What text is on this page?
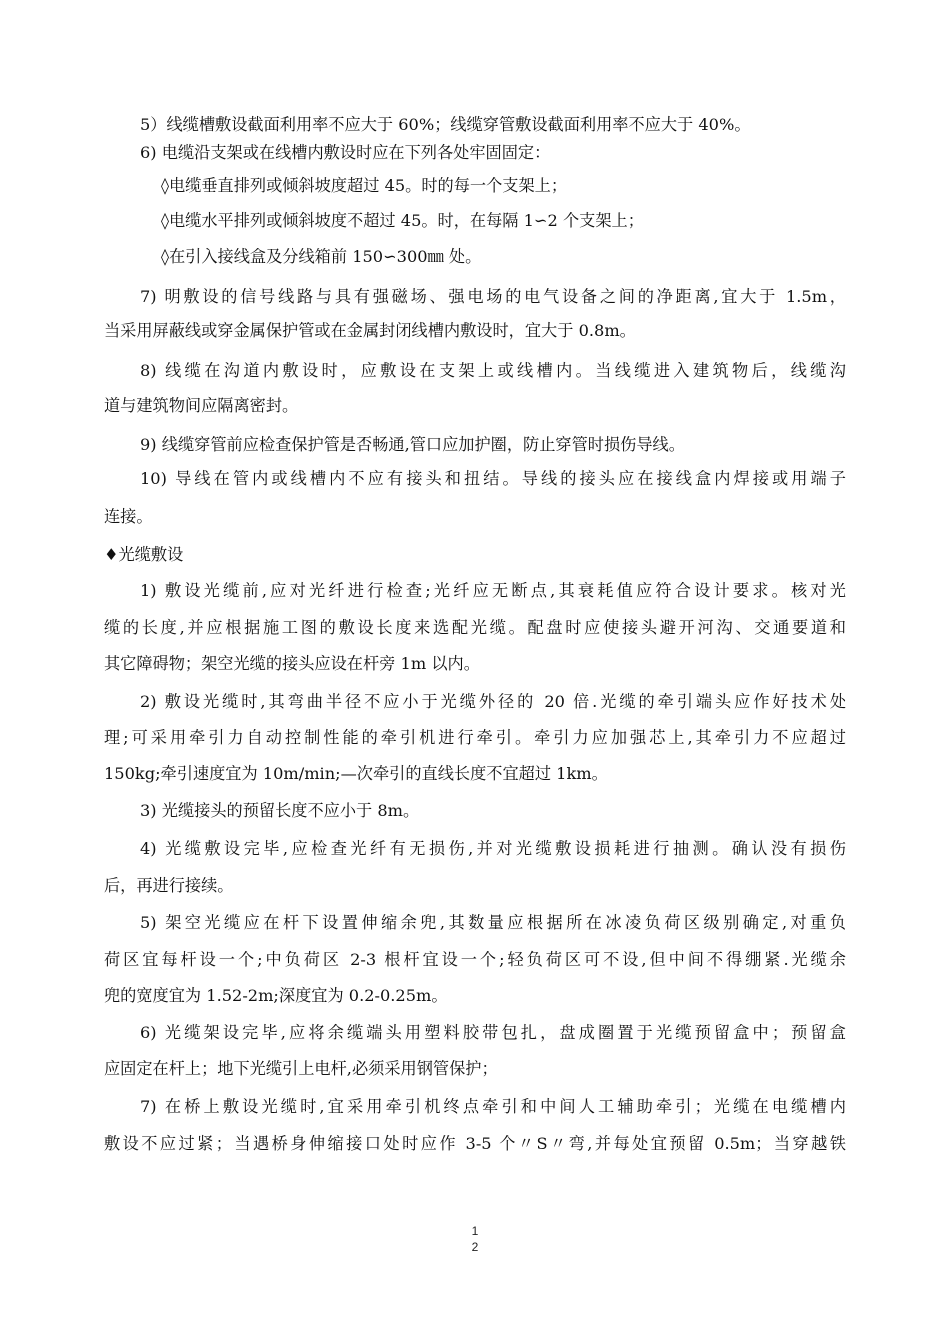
5）线缆槽敷设截面利用率不应大于 60%；线缆穿管敷设截面利用率不应大于 40%。
6) 电缆沿支架或在线槽内敷设时应在下列各处牢固固定：
◊电缆垂直排列或倾斜坡度超过 45。时的每一个支架上；
◊电缆水平排列或倾斜坡度不超过 45。时，在每隔 1∽2 个支架上；
◊在引入接线盒及分线箱前 150∽300㎜ 处。
7) 明敷设的信号线路与具有强磁场、强电场的电气设备之间的净距离,宜大于 1.5m，
当采用屏蔽线或穿金属保护管或在金属封闭线槽内敷设时，宜大于 0.8m。
8) 线缆在沟道内敷设时，应敷设在支架上或线槽内。当线缆进入建筑物后，线缆沟
道与建筑物间应隔离密封。
9) 线缆穿管前应检查保护管是否畅通,管口应加护圈，防止穿管时损伤导线。
10) 导线在管内或线槽内不应有接头和扭结。导线的接头应在接线盒内焊接或用端子
连接。
♦光缆敷设
1) 敷设光缆前,应对光纤进行检查;光纤应无断点,其衰耗值应符合设计要求。核对光
缆的长度,并应根据施工图的敷设长度来选配光缆。配盘时应使接头避开河沟、交通要道和
其它障碍物；架空光缆的接头应设在杆旁 1m 以内。
2) 敷设光缆时,其弯曲半径不应小于光缆外径的 20 倍.光缆的牵引端头应作好技术处
理;可采用牵引力自动控制性能的牵引机进行牵引。牵引力应加强芯上,其牵引力不应超过
150kg;牵引速度宜为 10m/min;—次牵引的直线长度不宜超过 1km。
3) 光缆接头的预留长度不应小于 8m。
4) 光缆敷设完毕,应检查光纤有无损伤,并对光缆敷设损耗进行抽测。确认没有损伤
后，再进行接续。
5) 架空光缆应在杆下设置伸缩余兜,其数量应根据所在冰凌负荷区级别确定,对重负
荷区宜每杆设一个;中负荷区 2-3 根杆宜设一个;轻负荷区可不设,但中间不得绷紧.光缆余
兜的宽度宜为 1.52-2m;深度宜为 0.2-0.25m。
6) 光缆架设完毕,应将余缆端头用塑料胶带包扎，盘成圈置于光缆预留盒中；预留盒
应固定在杆上；地下光缆引上电杆,必须采用钢管保护；
7) 在桥上敷设光缆时,宜采用牵引机终点牵引和中间人工辅助牵引；光缆在电缆槽内
敷设不应过紧；当遇桥身伸缩接口处时应作 3-5 个〃S〃弯,并每处宜预留 0.5m；当穿越铁
1
2
